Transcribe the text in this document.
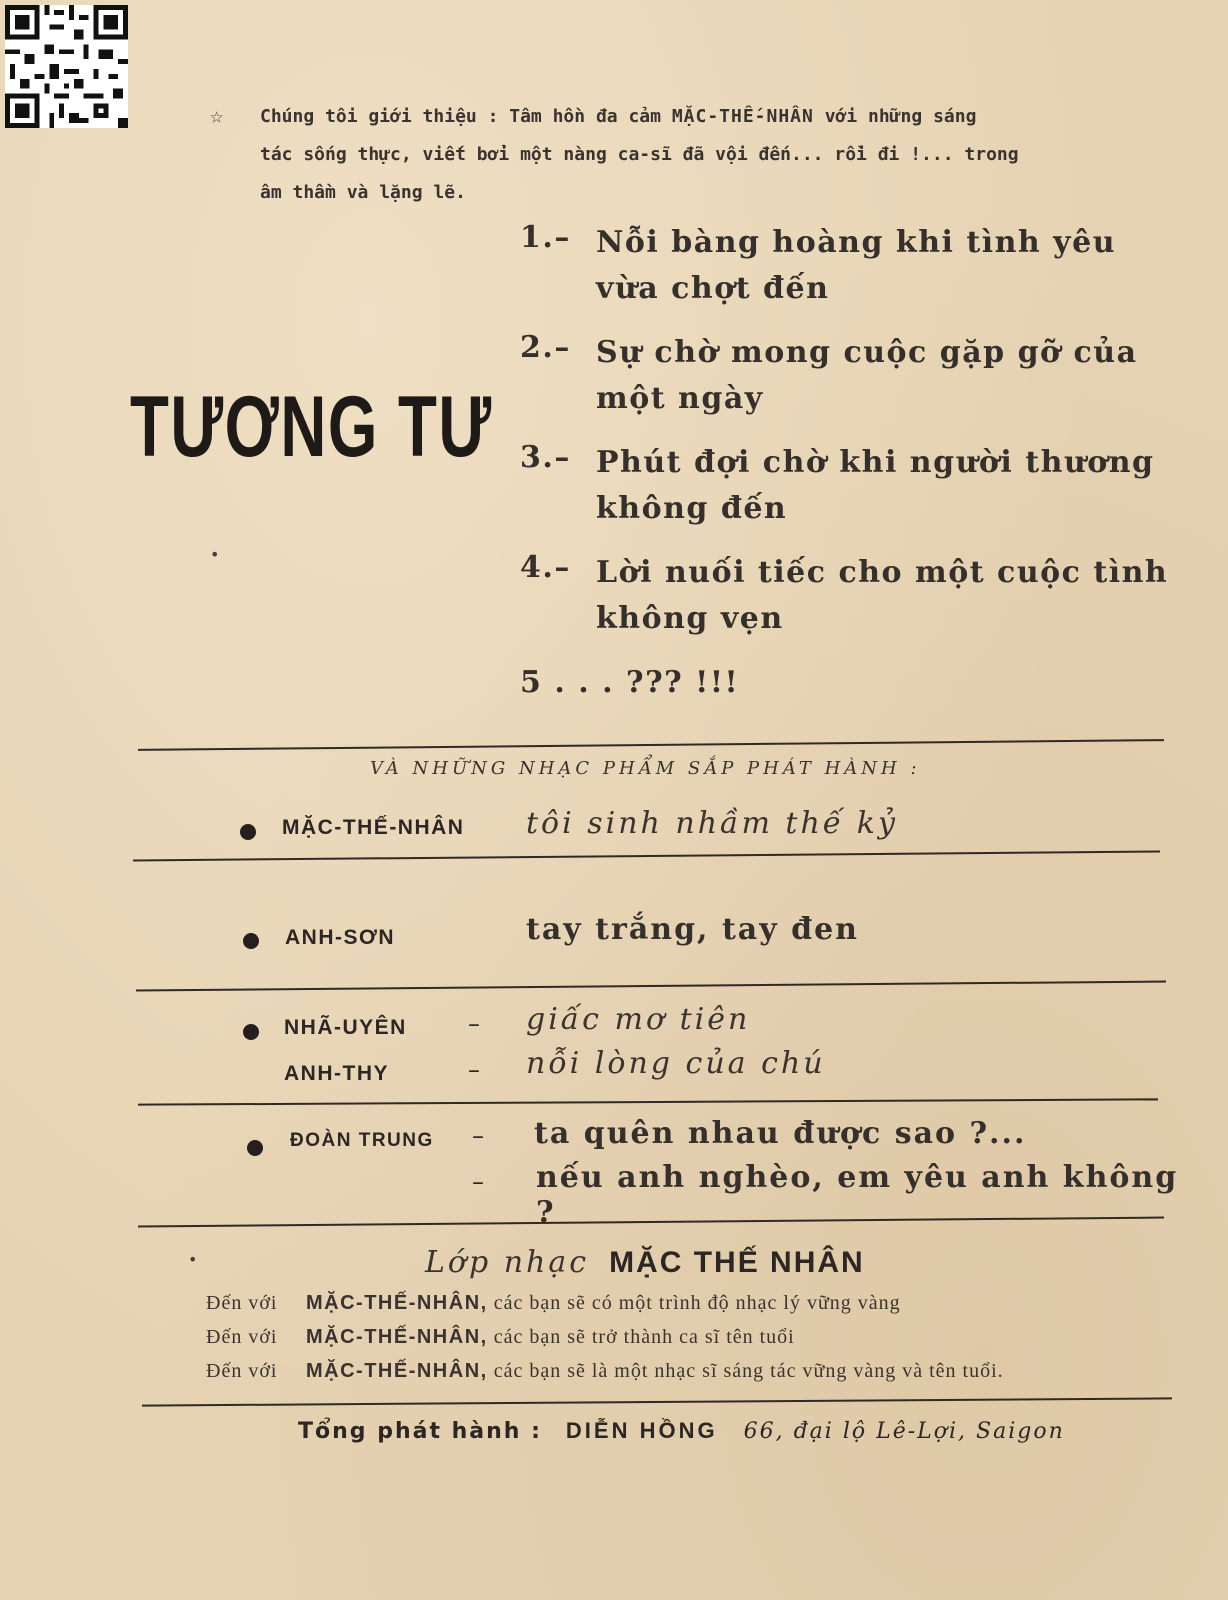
☆ Chúng tôi giới thiệu : Tâm hồn đa cảm MẶC-THẾ-NHÂN với những sáng

tác sống thực, viết bởi một nàng ca-sĩ đã vội đến... rồi đi !... trong

âm thầm và lặng lẽ.

TƯƠNG TƯ
1.– Nỗi bàng hoàng khi tình yêu vừa chợt đến
2.– Sự chờ mong cuộc gặp gỡ của một ngày
3.– Phút đợi chờ khi người thương không đến
4.– Lời nuối tiếc cho một cuộc tình không vẹn
5 . . . ??? !!!
•
VÀ NHỮNG NHẠC PHẨM SẮP PHÁT HÀNH :
MẶC-THẾ-NHÂN tôi sinh nhầm thế kỷ
ANH-SƠN	tay trắng, tay đen
NHÃ-UYÊN	– giấc mơ tiên
ANH-THY	– nỗi lòng của chú
ĐOÀN TRUNG – ta quên nhau được sao ?...
– nếu anh nghèo, em yêu anh không ?
•	Lớp nhạc MẶC THẾ NHÂN
Đến với MẶC-THẾ-NHÂN, các bạn sẽ có một trình độ nhạc lý vững vàng
Đến với MẶC-THẾ-NHÂN, các bạn sẽ trở thành ca sĩ tên tuổi
Đến với MẶC-THẾ-NHÂN, các bạn sẽ là một nhạc sĩ sáng tác vững vàng và tên tuổi.
Tổng phát hành : DIỄN HỒNG 66, đại lộ Lê-Lợi, Saigon
